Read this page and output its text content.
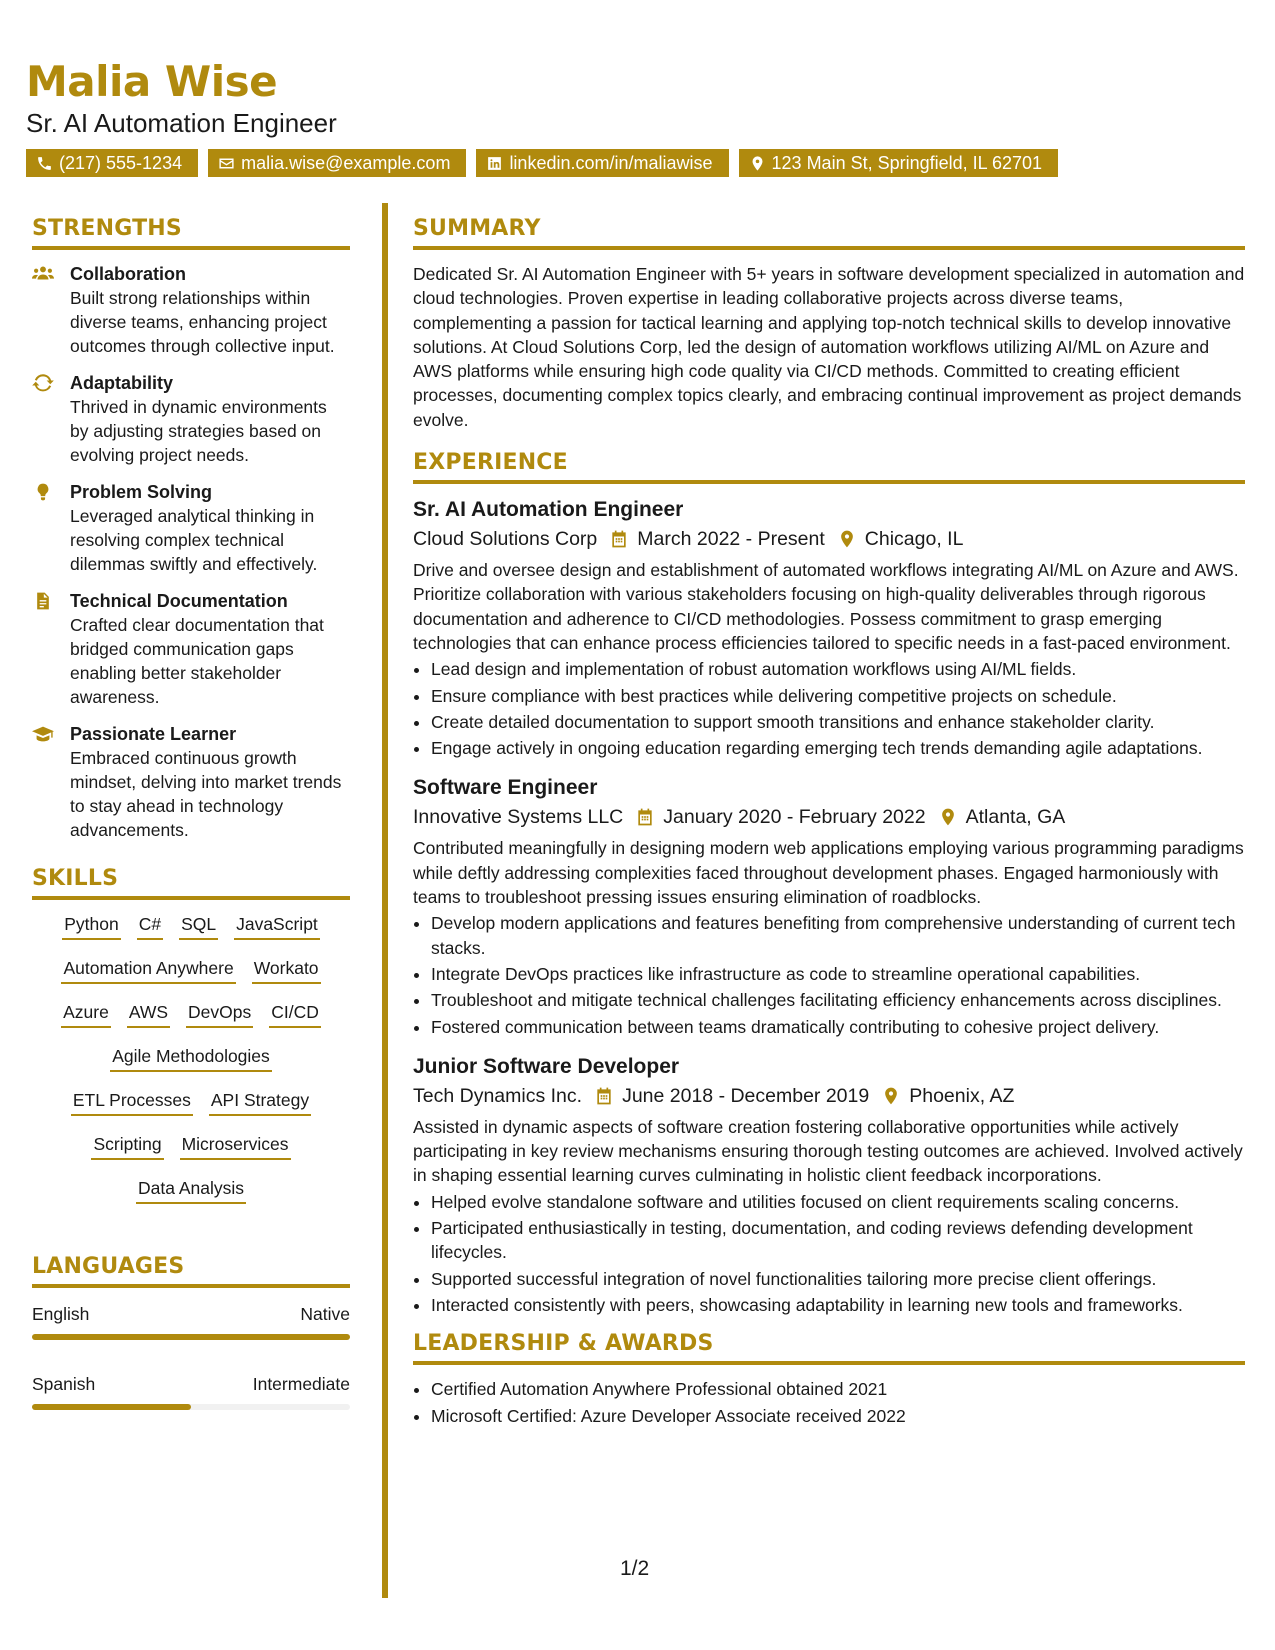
Malia Wise
Sr. AI Automation Engineer
(217) 555-1234	malia.wise@example.com	linkedin.com/in/maliawise	123 Main St, Springfield, IL 62701
STRENGTHS
Collaboration
Built strong relationships within diverse teams, enhancing project outcomes through collective input.
Adaptability
Thrived in dynamic environments by adjusting strategies based on evolving project needs.
Problem Solving
Leveraged analytical thinking in resolving complex technical dilemmas swiftly and effectively.
Technical Documentation
Crafted clear documentation that bridged communication gaps enabling better stakeholder awareness.
Passionate Learner
Embraced continuous growth mindset, delving into market trends to stay ahead in technology advancements.
SKILLS
Python C# SQL JavaScript
Automation Anywhere Workato
Azure AWS DevOps CI/CD
Agile Methodologies
ETL Processes API Strategy
Scripting Microservices
Data Analysis
LANGUAGES
English	Native
Spanish	Intermediate
SUMMARY
Dedicated Sr. AI Automation Engineer with 5+ years in software development specialized in automation and cloud technologies. Proven expertise in leading collaborative projects across diverse teams, complementing a passion for tactical learning and applying top-notch technical skills to develop innovative solutions. At Cloud Solutions Corp, led the design of automation workflows utilizing AI/ML on Azure and AWS platforms while ensuring high code quality via CI/CD methods. Committed to creating efficient processes, documenting complex topics clearly, and embracing continual improvement as project demands evolve.
EXPERIENCE
Sr. AI Automation Engineer
Cloud Solutions Corp March 2022 - Present Chicago, IL
Drive and oversee design and establishment of automated workflows integrating AI/ML on Azure and AWS. Prioritize collaboration with various stakeholders focusing on high-quality deliverables through rigorous documentation and adherence to CI/CD methodologies. Possess commitment to grasp emerging technologies that can enhance process efficiencies tailored to specific needs in a fast-paced environment.
• Lead design and implementation of robust automation workflows using AI/ML fields.
• Ensure compliance with best practices while delivering competitive projects on schedule.
• Create detailed documentation to support smooth transitions and enhance stakeholder clarity.
• Engage actively in ongoing education regarding emerging tech trends demanding agile adaptations.
Software Engineer
Innovative Systems LLC January 2020 - February 2022 Atlanta, GA
Contributed meaningfully in designing modern web applications employing various programming paradigms while deftly addressing complexities faced throughout development phases. Engaged harmoniously with teams to troubleshoot pressing issues ensuring elimination of roadblocks.
• Develop modern applications and features benefiting from comprehensive understanding of current tech stacks.
• Integrate DevOps practices like infrastructure as code to streamline operational capabilities.
• Troubleshoot and mitigate technical challenges facilitating efficiency enhancements across disciplines.
• Fostered communication between teams dramatically contributing to cohesive project delivery.
Junior Software Developer
Tech Dynamics Inc. June 2018 - December 2019 Phoenix, AZ
Assisted in dynamic aspects of software creation fostering collaborative opportunities while actively participating in key review mechanisms ensuring thorough testing outcomes are achieved. Involved actively in shaping essential learning curves culminating in holistic client feedback incorporations.
• Helped evolve standalone software and utilities focused on client requirements scaling concerns.
• Participated enthusiastically in testing, documentation, and coding reviews defending development lifecycles.
• Supported successful integration of novel functionalities tailoring more precise client offerings.
• Interacted consistently with peers, showcasing adaptability in learning new tools and frameworks.
LEADERSHIP & AWARDS
• Certified Automation Anywhere Professional obtained 2021
• Microsoft Certified: Azure Developer Associate received 2022
1/2
